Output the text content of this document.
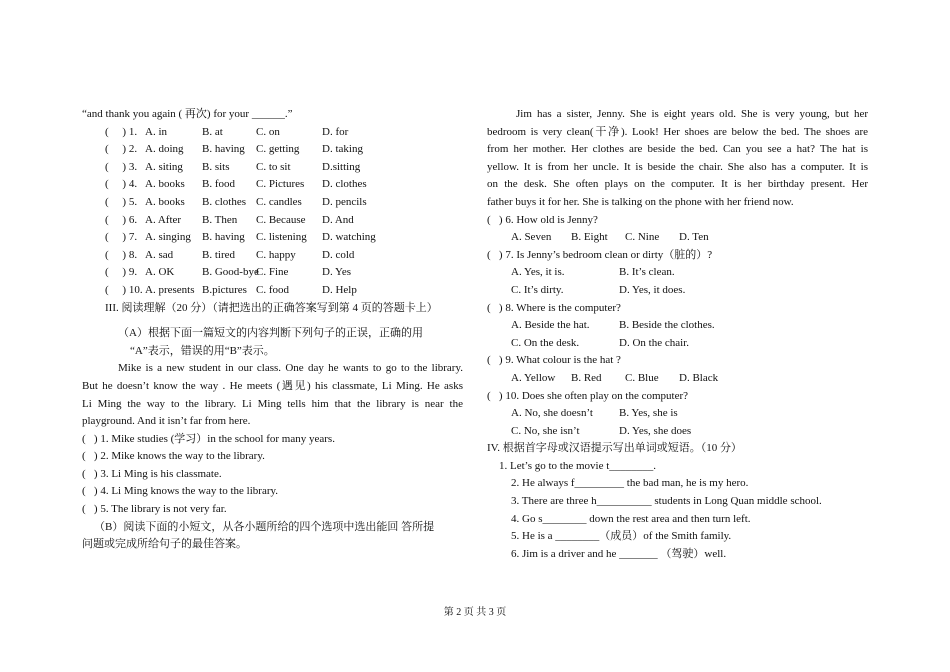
“and thank you again ( 再次) for your ______.”
(     ) 1. A. in	B. at	C. on	D. for
(     ) 2. A. doing B. having C. getting D. taking
(     ) 3. A. siting B. sits C. to sit	D.sitting
(     ) 4. A. books B. food C. Pictures D. clothes
(     ) 5. A. books B. clothes C. candles D. pencils
(     ) 6. A. After B. Then C. Because D. And
(     ) 7. A. singing B. having C. listening D. watching
(     ) 8. A. sad	B. tired C. happy D. cold
(     ) 9. A. OK	B. Good-byeC. Fine	D. Yes
(     ) 10. A. presents B.pictures C. food	D. Help
III. 阅读理解（20 分）（请把选出的正确答案写到第 4 页的答题卡上）
（A）根据下面一篇短文的内容判断下列句子的正误，正确的用
“A”表示，错误的用“B”表示。
Mike is a new student in our class. One day he wants to go to the library.
But he doesn’t know the way . He meets (遇见) his classmate, Li Ming. He asks
Li Ming the way to the library. Li Ming tells him that the library is near the
playground. And it isn’t far from here.
(   ) 1. Mike studies (学习）in the school for many years.
(   ) 2. Mike knows the way to the library.
(   ) 3. Li Ming is his classmate.
(   ) 4. Li Ming knows the way to the library.
(   ) 5. The library is not very far.
（B）阅读下面的小短文，从各小题所给的四个选项中选出能回 答所提
问题或完成所给句子的最佳答案。
Jim has a sister, Jenny. She is eight years old. She is very young, but her
bedroom is very clean(干净). Look! Her shoes are below the bed. The shoes are
from her mother. Her clothes are beside the bed. Can you see a hat? The hat is
yellow. It is from her uncle. It is beside the chair. She also has a computer. It is
on the desk. She often plays on the computer. It is her birthday present. Her
father buys it for her. She is talking on the phone with her friend now.
(   ) 6. How old is Jenny?
A. Seven B. Eight C. Nine D. Ten
(   ) 7. Is Jenny’s bedroom clean or dirty（脏的）?
A. Yes, it is.	B. It’s clean.
C. It’s dirty.	D. Yes, it does.
(   ) 8. Where is the computer?
A. Beside the hat.	B. Beside the clothes.
C. On the desk.	D. On the chair.
(   ) 9. What colour is the hat ?
A. Yellow B. Red C. Blue D. Black
(   ) 10. Does she often play on the computer?
A. No, she doesn’t B. Yes, she is
C. No, she isn’t	D. Yes, she does
IV. 根据首字母或汉语提示写出单词或短语。（10 分）
1. Let’s go to the movie t________.
2. He always f_________ the bad man, he is my hero.
3. There are three h__________ students in Long Quan middle school.
4. Go s________ down the rest area and then turn left.
5. He is a ________（成员）of the Smith family.
6. Jim is a driver and he _______ （驾驶）well.
第 2 页 共 3 页
